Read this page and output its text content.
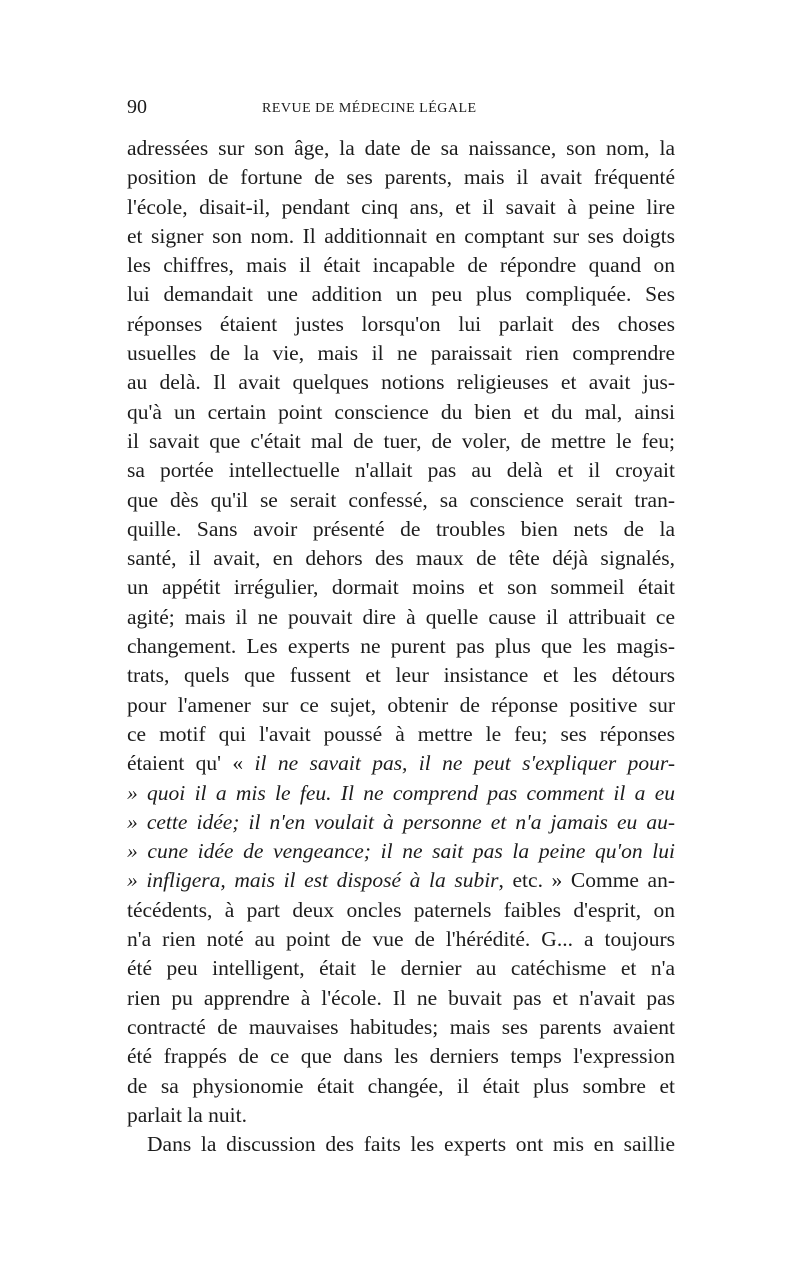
90	REVUE DE MÉDECINE LÉGALE
adressées sur son âge, la date de sa naissance, son nom, la
position de fortune de ses parents, mais il avait fréquenté
l'école, disait-il, pendant cinq ans, et il savait à peine lire
et signer son nom. Il additionnait en comptant sur ses doigts
les chiffres, mais il était incapable de répondre quand on
lui demandait une addition un peu plus compliquée. Ses
réponses étaient justes lorsqu'on lui parlait des choses
usuelles de la vie, mais il ne paraissait rien comprendre
au delà. Il avait quelques notions religieuses et avait jus-
qu'à un certain point conscience du bien et du mal, ainsi
il savait que c'était mal de tuer, de voler, de mettre le feu;
sa portée intellectuelle n'allait pas au delà et il croyait
que dès qu'il se serait confessé, sa conscience serait tran-
quille. Sans avoir présenté de troubles bien nets de la
santé, il avait, en dehors des maux de tête déjà signalés,
un appétit irrégulier, dormait moins et son sommeil était
agité; mais il ne pouvait dire à quelle cause il attribuait ce
changement. Les experts ne purent pas plus que les magis-
trats, quels que fussent et leur insistance et les détours
pour l'amener sur ce sujet, obtenir de réponse positive sur
ce motif qui l'avait poussé à mettre le feu; ses réponses
étaient qu' « il ne savait pas, il ne peut s'expliquer pour-
» quoi il a mis le feu. Il ne comprend pas comment il a eu
» cette idée; il n'en voulait à personne et n'a jamais eu au-
» cune idée de vengeance; il ne sait pas la peine qu'on lui
» infligera, mais il est disposé à la subir, etc. » Comme an-
técédents, à part deux oncles paternels faibles d'esprit, on
n'a rien noté au point de vue de l'hérédité. G... a toujours
été peu intelligent, était le dernier au catéchisme et n'a
rien pu apprendre à l'école. Il ne buvait pas et n'avait pas
contracté de mauvaises habitudes; mais ses parents avaient
été frappés de ce que dans les derniers temps l'expression
de sa physionomie était changée, il était plus sombre et
parlait la nuit.
Dans la discussion des faits les experts ont mis en saillie
